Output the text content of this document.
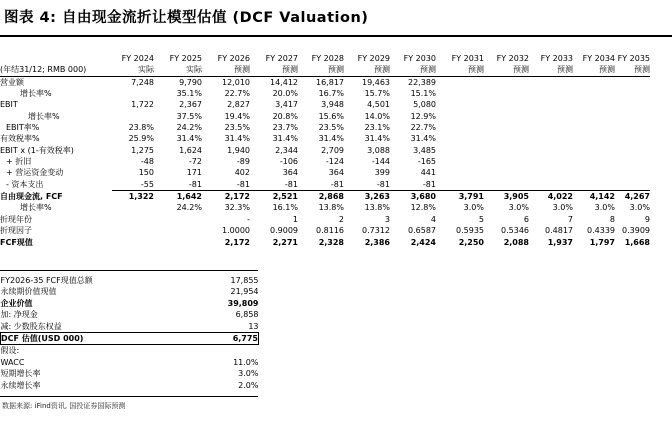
图表 4: 自由现金流折让模型估值 (DCF Valuation)
	FY 2024	FY 2025	FY 2026	FY 2027	FY 2028	FY 2029	FY 2030	FY 2031	FY 2032	FY 2033	FY 2034	FY 2035
(年结31/12; RMB 000)	实际	实际	预测	预测	预测	预测	预测	预测	预测	预测	预测	预测
营业额	7,248	9,790	12,010	14,412	16,817	19,463	22,389					
增长率%		35.1%	22.7%	20.0%	16.7%	15.7%	15.1%					
EBIT	1,722	2,367	2,827	3,417	3,948	4,501	5,080					
增长率%		37.5%	19.4%	20.8%	15.6%	14.0%	12.9%					
EBIT率%	23.8%	24.2%	23.5%	23.7%	23.5%	23.1%	22.7%					
有效税率%	25.9%	31.4%	31.4%	31.4%	31.4%	31.4%	31.4%					
EBIT x (1-有效税率)	1,275	1,624	1,940	2,344	2,709	3,088	3,485					
+ 折旧	-48	-72	-89	-106	-124	-144	-165					
+ 营运资金变动	150	171	402	364	364	399	441					
- 资本支出	-55	-81	-81	-81	-81	-81	-81					
自由现金流, FCF	1,322	1,642	2,172	2,521	2,868	3,263	3,680	3,791	3,905	4,022	4,142	4,267
增长率%		24.2%	32.3%	16.1%	13.8%	13.8%	12.8%	3.0%	3.0%	3.0%	3.0%	3.0%
折现年份			-	1	2	3	4	5	6	7	8	9
折现因子			1.0000	0.9009	0.8116	0.7312	0.6587	0.5935	0.5346	0.4817	0.4339	0.3909
FCF现值			2,172	2,271	2,328	2,386	2,424	2,250	2,088	1,937	1,797	1,668
FY2026-35 FCF现值总额	17,855	
永续期价值现值	21,954	
企业价值	39,809	
加: 净现金	6,858	
减: 少数股东权益	13	
DCF 估值(USD 000)	6,775	
假设:		
WACC	11.0%	
短期增长率	3.0%	
永续增长率	2.0%	
数据来源: iFind资讯, 国投证券国际预测
